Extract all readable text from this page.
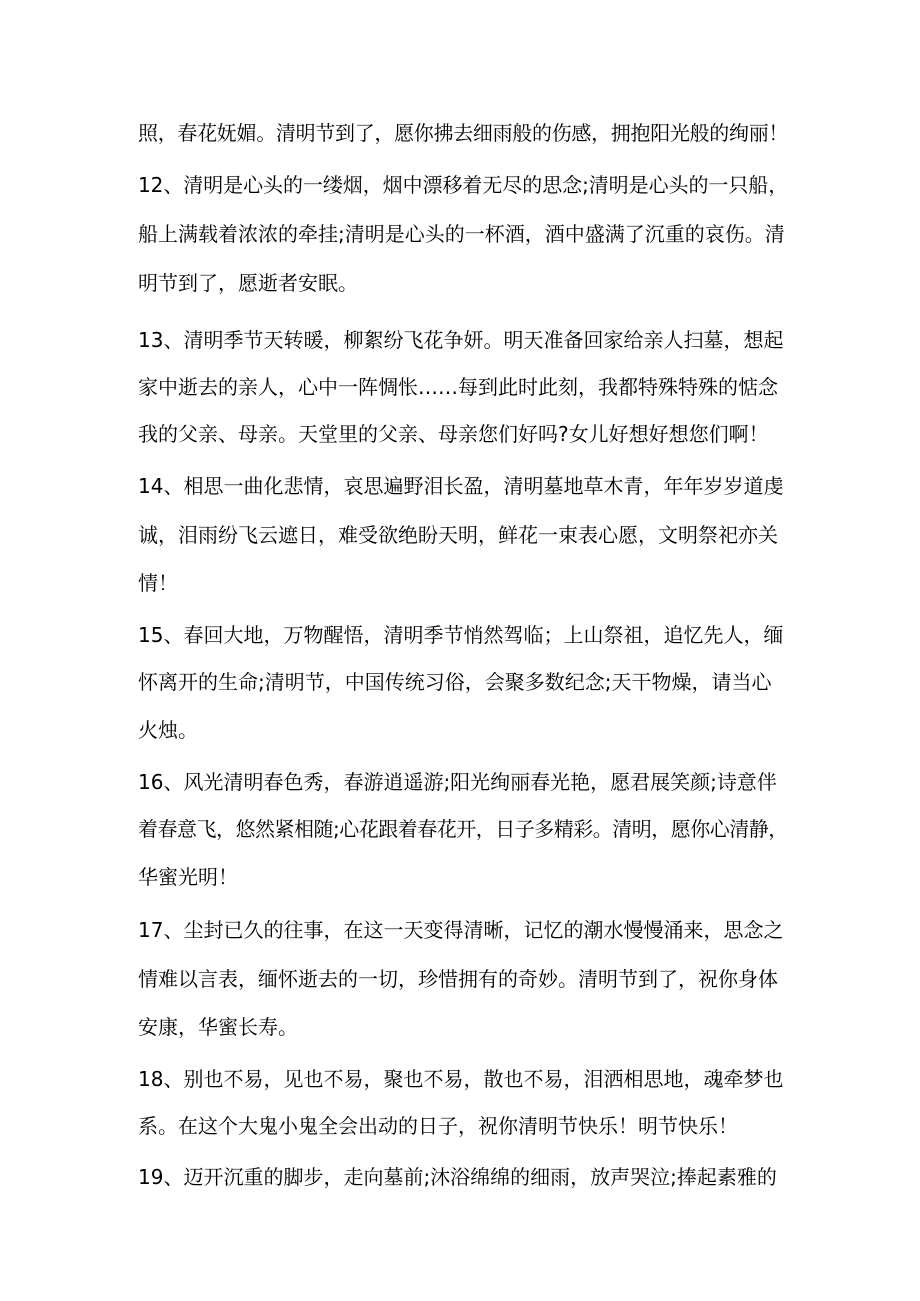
照，春花妩媚。清明节到了，愿你拂去细雨般的伤感，拥抱阳光般的绚丽！
12、清明是心头的一缕烟，烟中漂移着无尽的思念;清明是心头的一只船，
船上满载着浓浓的牵挂;清明是心头的一杯酒，酒中盛满了沉重的哀伤。清
明节到了，愿逝者安眠。
13、清明季节天转暖，柳絮纷飞花争妍。明天准备回家给亲人扫墓，想起
家中逝去的亲人，心中一阵惆怅……每到此时此刻，我都特殊特殊的惦念
我的父亲、母亲。天堂里的父亲、母亲您们好吗?女儿好想好想您们啊！
14、相思一曲化悲情，哀思遍野泪长盈，清明墓地草木青，年年岁岁道虔
诚，泪雨纷飞云遮日，难受欲绝盼天明，鲜花一束表心愿，文明祭祀亦关
情！
15、春回大地，万物醒悟，清明季节悄然驾临；上山祭祖，追忆先人，缅
怀离开的生命;清明节，中国传统习俗，会聚多数纪念;天干物燥，请当心
火烛。
16、风光清明春色秀，春游逍遥游;阳光绚丽春光艳，愿君展笑颜;诗意伴
着春意飞，悠然紧相随;心花跟着春花开，日子多精彩。清明，愿你心清静，
华蜜光明！
17、尘封已久的往事，在这一天变得清晰，记忆的潮水慢慢涌来，思念之
情难以言表，缅怀逝去的一切，珍惜拥有的奇妙。清明节到了，祝你身体
安康，华蜜长寿。
18、别也不易，见也不易，聚也不易，散也不易，泪洒相思地，魂牵梦也
系。在这个大鬼小鬼全会出动的日子，祝你清明节快乐！明节快乐！
19、迈开沉重的脚步，走向墓前;沐浴绵绵的细雨，放声哭泣;捧起素雅的
